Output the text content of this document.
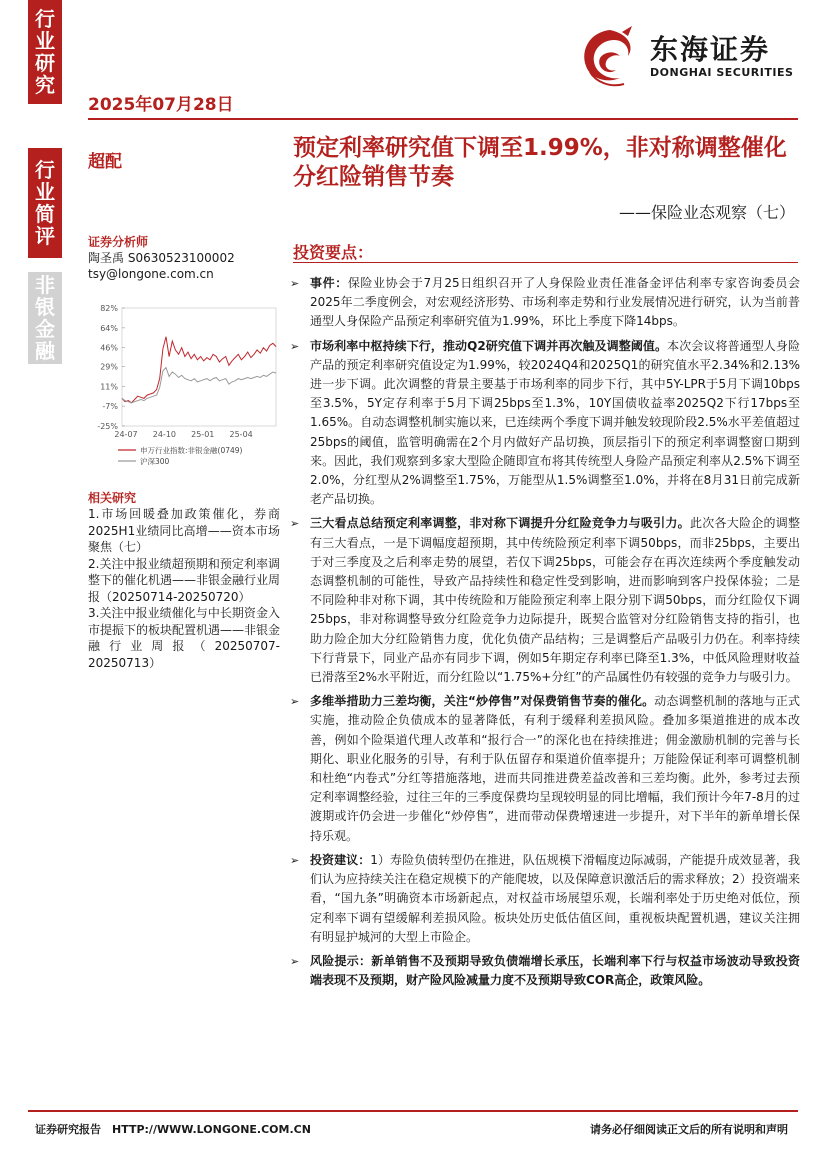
行业研究
行业简评
非银金融
东海证券
DONGHAI SECURITIES
2025年07月28日
超配
预定利率研究值下调至1.99%，非对称调整催化分红险销售节奏
——保险业态观察（七）
证券分析师
陶圣禹 S0630523100002
tsy@longone.com.cn
82%
64%
46%
29%
11%
-7%
-25%
24-07 24-10 25-01 25-04
申万行业指数:非银金融(0749)
沪深300
相关研究

1.市场回暖叠加政策催化，券商2025H1业绩同比高增——资本市场聚焦（七）

2.关注中报业绩超预期和预定利率调整下的催化机遇——非银金融行业周报（20250714-20250720）

3.关注中报业绩催化与中长期资金入市提振下的板块配置机遇——非银金融行业周报（20250707-20250713）

投资要点：
➢ 事件：保险业协会于7月25日组织召开了人身保险业责任准备金评估利率专家咨询委员会2025年二季度例会，对宏观经济形势、市场利率走势和行业发展情况进行研究，认为当前普通型人身保险产品预定利率研究值为1.99%，环比上季度下降14bps。
➢ 市场利率中枢持续下行，推动Q2研究值下调并再次触及调整阈值。本次会议将普通型人身险产品的预定利率研究值设定为1.99%，较2024Q4和2025Q1的研究值水平2.34%和2.13%进一步下调。此次调整的背景主要基于市场利率的同步下行，其中5Y-LPR于5月下调10bps至3.5%，5Y定存利率于5月下调25bps至1.3%，10Y国债收益率2025Q2下行17bps至1.65%。自动态调整机制实施以来，已连续两个季度下调并触发较现阶段2.5%水平差值超过25bps的阈值，监管明确需在2个月内做好产品切换，顶层指引下的预定利率调整窗口期到来。因此，我们观察到多家大型险企随即宣布将其传统型人身险产品预定利率从2.5%下调至2.0%，分红型从2%调整至1.75%，万能型从1.5%调整至1.0%，并将在8月31日前完成新老产品切换。
➢ 三大看点总结预定利率调整，非对称下调提升分红险竞争力与吸引力。此次各大险企的调整有三大看点，一是下调幅度超预期，其中传统险预定利率下调50bps，而非25bps，主要出于对三季度及之后利率走势的展望，若仅下调25bps，可能会存在再次连续两个季度触发动态调整机制的可能性，导致产品持续性和稳定性受到影响，进而影响到客户投保体验；二是不同险种非对称下调，其中传统险和万能险预定利率上限分别下调50bps，而分红险仅下调25bps，非对称调整导致分红险竞争力边际提升，既契合监管对分红险销售支持的指引，也助力险企加大分红险销售力度，优化负债产品结构；三是调整后产品吸引力仍在。利率持续下行背景下，同业产品亦有同步下调，例如5年期定存利率已降至1.3%，中低风险理财收益已滑落至2%水平附近，而分红险以“1.75%+分红”的产品属性仍有较强的竞争力与吸引力。
➢ 多维举措助力三差均衡，关注“炒停售”对保费销售节奏的催化。动态调整机制的落地与正式实施，推动险企负债成本的显著降低，有利于缓释利差损风险。叠加多渠道推进的成本改善，例如个险渠道代理人改革和“报行合一”的深化也在持续推进；佣金激励机制的完善与长期化、职业化服务的引导，有利于队伍留存和渠道价值率提升；万能险保证利率可调整机制和杜绝“内卷式”分红等措施落地，进而共同推进费差益改善和三差均衡。此外，参考过去预定利率调整经验，过往三年的三季度保费均呈现较明显的同比增幅，我们预计今年7-8月的过渡期或许仍会进一步催化“炒停售”，进而带动保费增速进一步提升，对下半年的新单增长保持乐观。
➢ 投资建议：1）寿险负债转型仍在推进，队伍规模下滑幅度边际减弱，产能提升成效显著，我们认为应持续关注在稳定规模下的产能爬坡，以及保障意识激活后的需求释放；2）投资端来看，“国九条”明确资本市场新起点，对权益市场展望乐观，长端利率处于历史绝对低位，预定利率下调有望缓解利差损风险。板块处历史低估值区间，重视板块配置机遇，建议关注拥有明显护城河的大型上市险企。
➢ 风险提示：新单销售不及预期导致负债端增长承压，长端利率下行与权益市场波动导致投资端表现不及预期，财产险风险减量力度不及预期导致COR高企，政策风险。
证券研究报告　HTTP://WWW.LONGONE.COM.CN	请务必仔细阅读正文后的所有说明和声明
